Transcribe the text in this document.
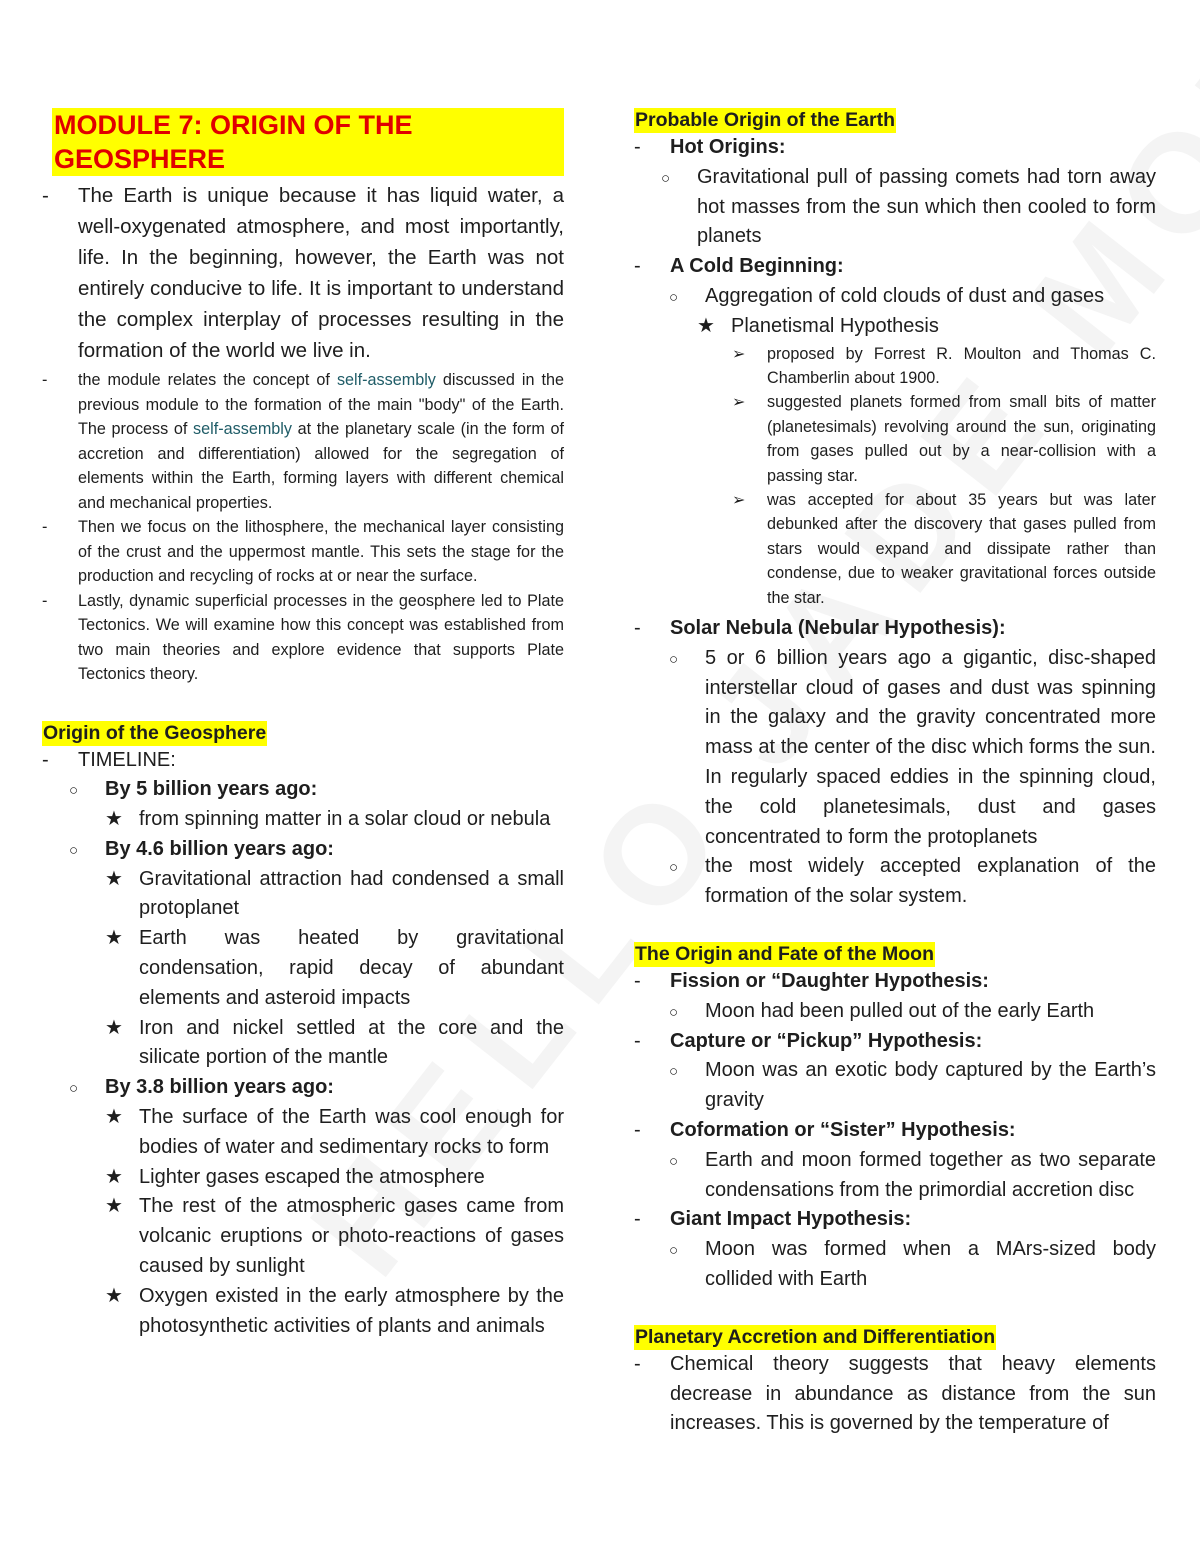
MODULE 7: ORIGIN OF THE GEOSPHERE
- The Earth is unique because it has liquid water, a well-oxygenated atmosphere, and most importantly, life. In the beginning, however, the Earth was not entirely conducive to life. It is important to understand the complex interplay of processes resulting in the formation of the world we live in.
- the module relates the concept of self-assembly discussed in the previous module to the formation of the main "body" of the Earth. The process of self-assembly at the planetary scale (in the form of accretion and differentiation) allowed for the segregation of elements within the Earth, forming layers with different chemical and mechanical properties.
- Then we focus on the lithosphere, the mechanical layer consisting of the crust and the uppermost mantle. This sets the stage for the production and recycling of rocks at or near the surface.
- Lastly, dynamic superficial processes in the geosphere led to Plate Tectonics. We will examine how this concept was established from two main theories and explore evidence that supports Plate Tectonics theory.
Origin of the Geosphere
- TIMELINE:
○ By 5 billion years ago:
★ from spinning matter in a solar cloud or nebula
○ By 4.6 billion years ago:
★ Gravitational attraction had condensed a small protoplanet
★ Earth was heated by gravitational condensation, rapid decay of abundant elements and asteroid impacts
★ Iron and nickel settled at the core and the silicate portion of the mantle
○ By 3.8 billion years ago:
★ The surface of the Earth was cool enough for bodies of water and sedimentary rocks to form
★ Lighter gases escaped the atmosphere
★ The rest of the atmospheric gases came from volcanic eruptions or photo-reactions of gases caused by sunlight
★ Oxygen existed in the early atmosphere by the photosynthetic activities of plants and animals
Probable Origin of the Earth
- Hot Origins:
○ Gravitational pull of passing comets had torn away hot masses from the sun which then cooled to form planets
- A Cold Beginning:
○ Aggregation of cold clouds of dust and gases
★ Planetismal Hypothesis
➢ proposed by Forrest R. Moulton and Thomas C. Chamberlin about 1900.
➢ suggested planets formed from small bits of matter (planetesimals) revolving around the sun, originating from gases pulled out by a near-collision with a passing star.
➢ was accepted for about 35 years but was later debunked after the discovery that gases pulled from stars would expand and dissipate rather than condense, due to weaker gravitational forces outside the star.
- Solar Nebula (Nebular Hypothesis):
○ 5 or 6 billion years ago a gigantic, disc-shaped interstellar cloud of gases and dust was spinning in the galaxy and the gravity concentrated more mass at the center of the disc which forms the sun. In regularly spaced eddies in the spinning cloud, the cold planetesimals, dust and gases concentrated to form the protoplanets
○ the most widely accepted explanation of the formation of the solar system.
The Origin and Fate of the Moon
- Fission or “Daughter Hypothesis:
○ Moon had been pulled out of the early Earth
- Capture or “Pickup” Hypothesis:
○ Moon was an exotic body captured by the Earth’s gravity
- Coformation or “Sister” Hypothesis:
○ Earth and moon formed together as two separate condensations from the primordial accretion disc
- Giant Impact Hypothesis:
○ Moon was formed when a MArs-sized body collided with Earth
Planetary Accretion and Differentiation
- Chemical theory suggests that heavy elements decrease in abundance as distance from the sun increases. This is governed by the temperature of
